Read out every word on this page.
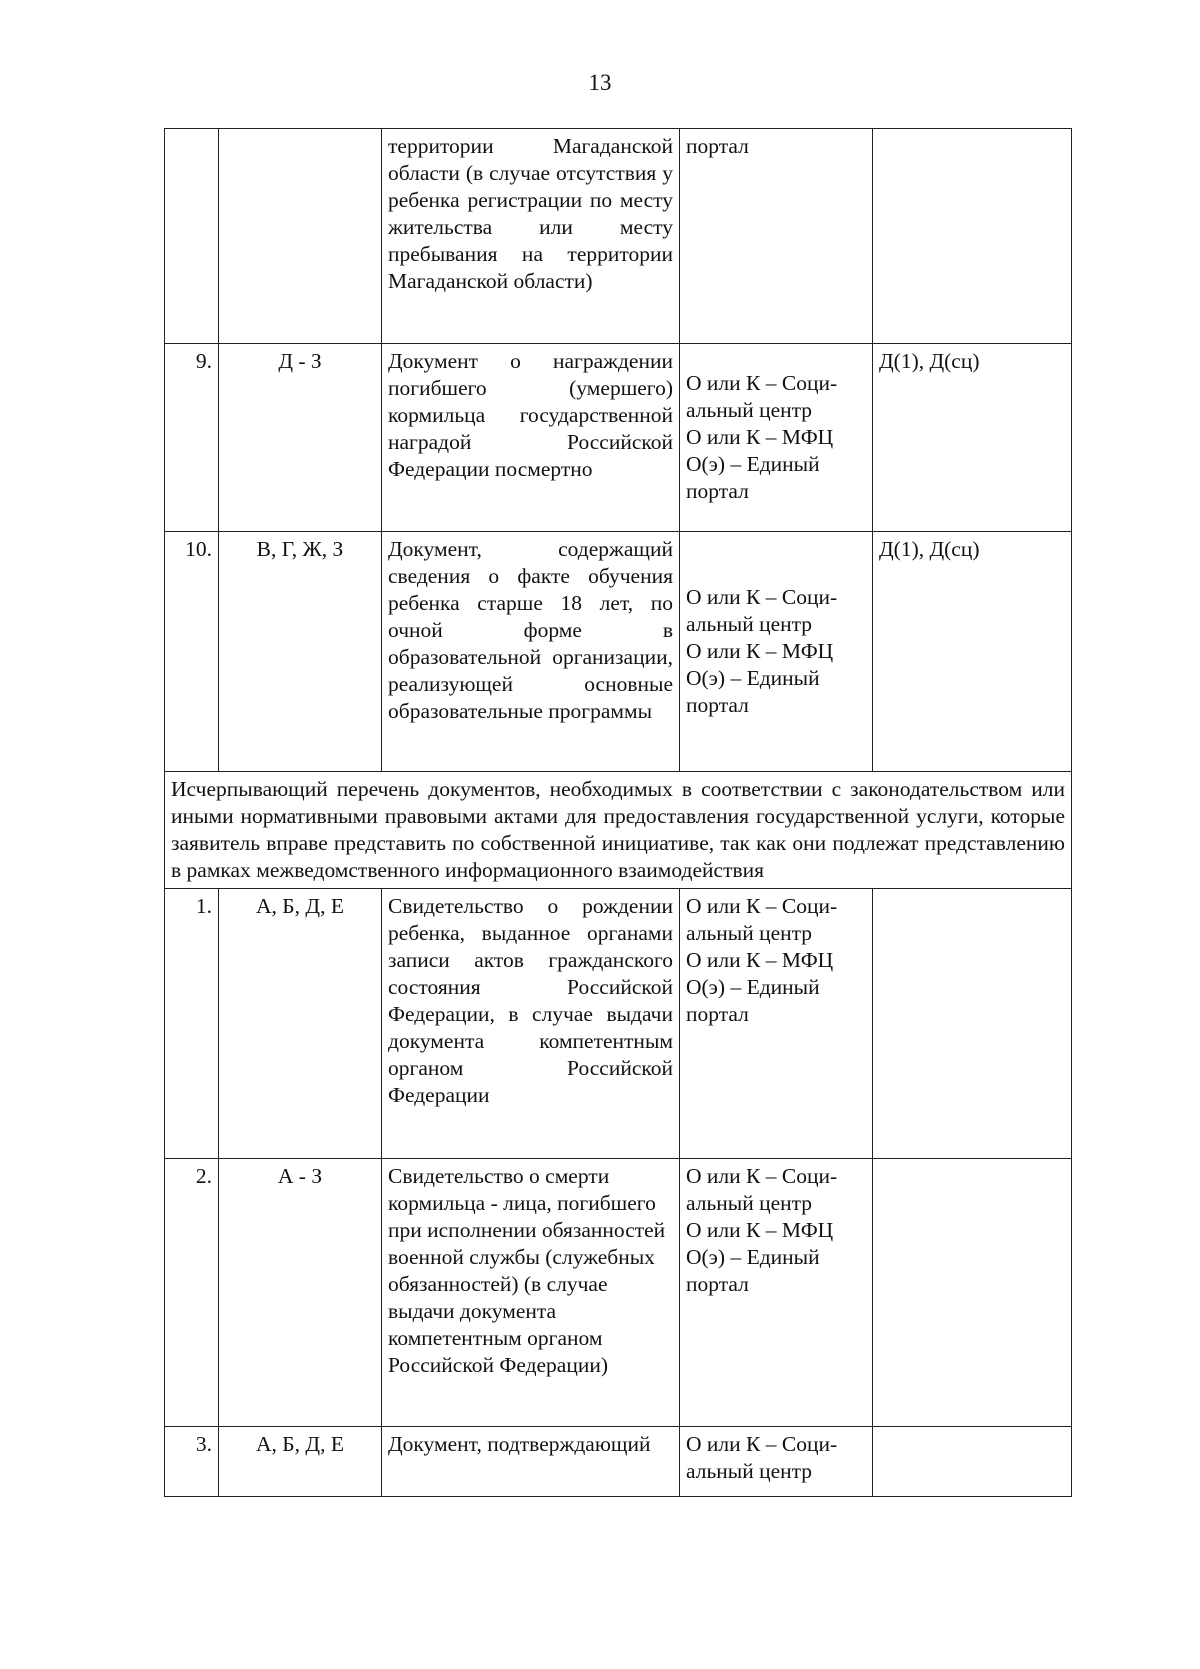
13
		территории Магаданской области (в случае отсутствия у ребенка регистрации по месту жительства или месту пребывания на территории Магаданской области)	портал	

9.	Д - З	Документ о награждении погибшего (умершего) кормильца государственной наградой Российской Федерации посмертно	О или К – Соци-
альный центр
О или К – МФЦ
О(э) – Единый
портал	Д(1), Д(сц)
10.	В, Г, Ж, З	Документ, содержащий сведения о факте обучения ребенка старше 18 лет, по очной форме в образовательной организации, реализующей основные образовательные программы	О или К – Соци-
альный центр
О или К – МФЦ
О(э) – Единый
портал	Д(1), Д(сц)
Исчерпывающий перечень документов, необходимых в соответствии с законодательством или иными нормативными правовыми актами для предоставления государственной услуги, которые заявитель вправе представить по собственной инициативе, так как они подлежат представлению в рамках межведомственного информационного взаимодействия				
1.	А, Б, Д, Е	Свидетельство о рождении ребенка, выданное органами записи актов гражданского состояния Российской Федерации, в случае выдачи документа компетентным органом Российской Федерации	О или К – Соци-
альный центр
О или К – МФЦ
О(э) – Единый
портал	

2.	А - З	Свидетельство о смерти кормильца - лица, погибшего при исполнении обязанностей военной службы (служебных обязанностей) (в случае выдачи документа компетентным органом Российской Федерации)	О или К – Соци-
альный центр
О или К – МФЦ
О(э) – Единый
портал	

3.	А, Б, Д, Е	Документ, подтверждающий	О или К – Соци-
альный центр	
